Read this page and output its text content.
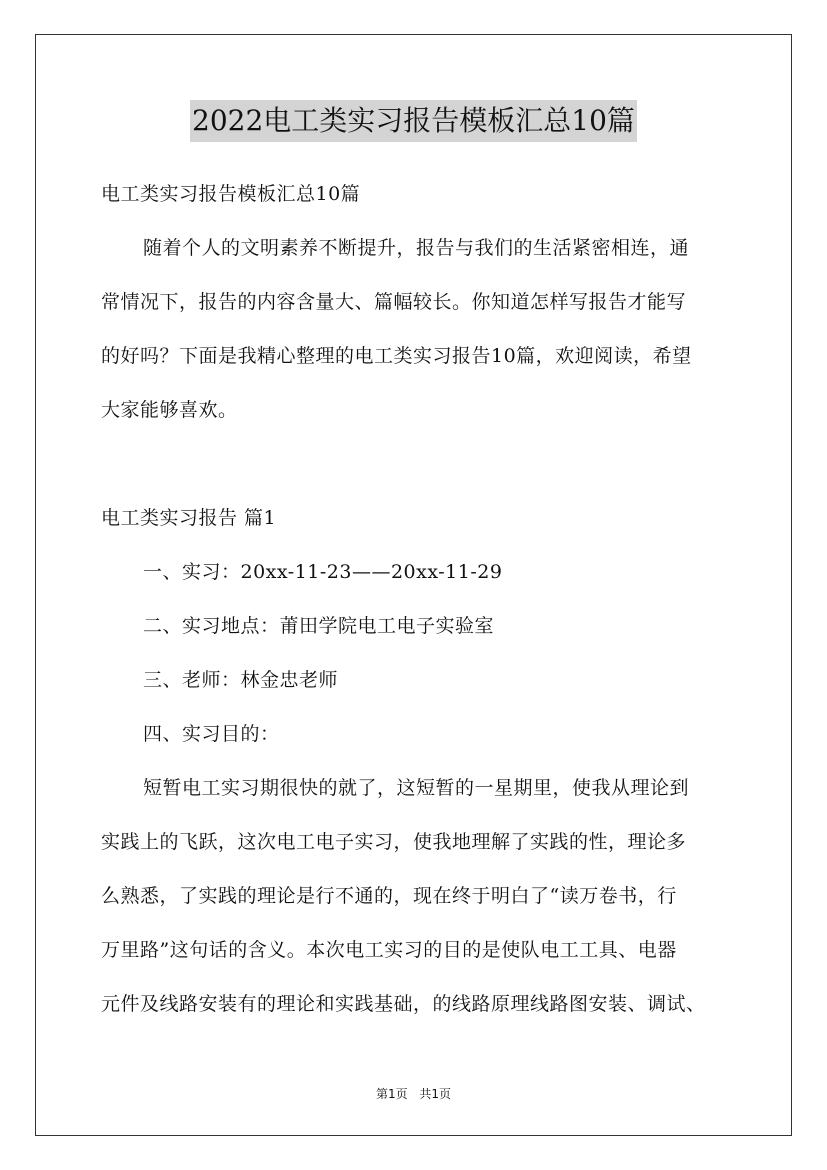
2022电工类实习报告模板汇总10篇
电工类实习报告模板汇总10篇
随着个人的文明素养不断提升，报告与我们的生活紧密相连，通
常情况下，报告的内容含量大、篇幅较长。你知道怎样写报告才能写
的好吗？下面是我精心整理的电工类实习报告10篇，欢迎阅读，希望
大家能够喜欢。
电工类实习报告 篇1
一、实习：20xx-11-23——20xx-11-29
二、实习地点：莆田学院电工电子实验室
三、老师：林金忠老师
四、实习目的：
短暂电工实习期很快的就了，这短暂的一星期里，使我从理论到
实践上的飞跃，这次电工电子实习，使我地理解了实践的性，理论多
么熟悉，了实践的理论是行不通的，现在终于明白了“读万卷书，行
万里路”这句话的含义。本次电工实习的目的是使队电工工具、电器
元件及线路安装有的理论和实践基础，的线路原理线路图安装、调试、
第1页 共1页
